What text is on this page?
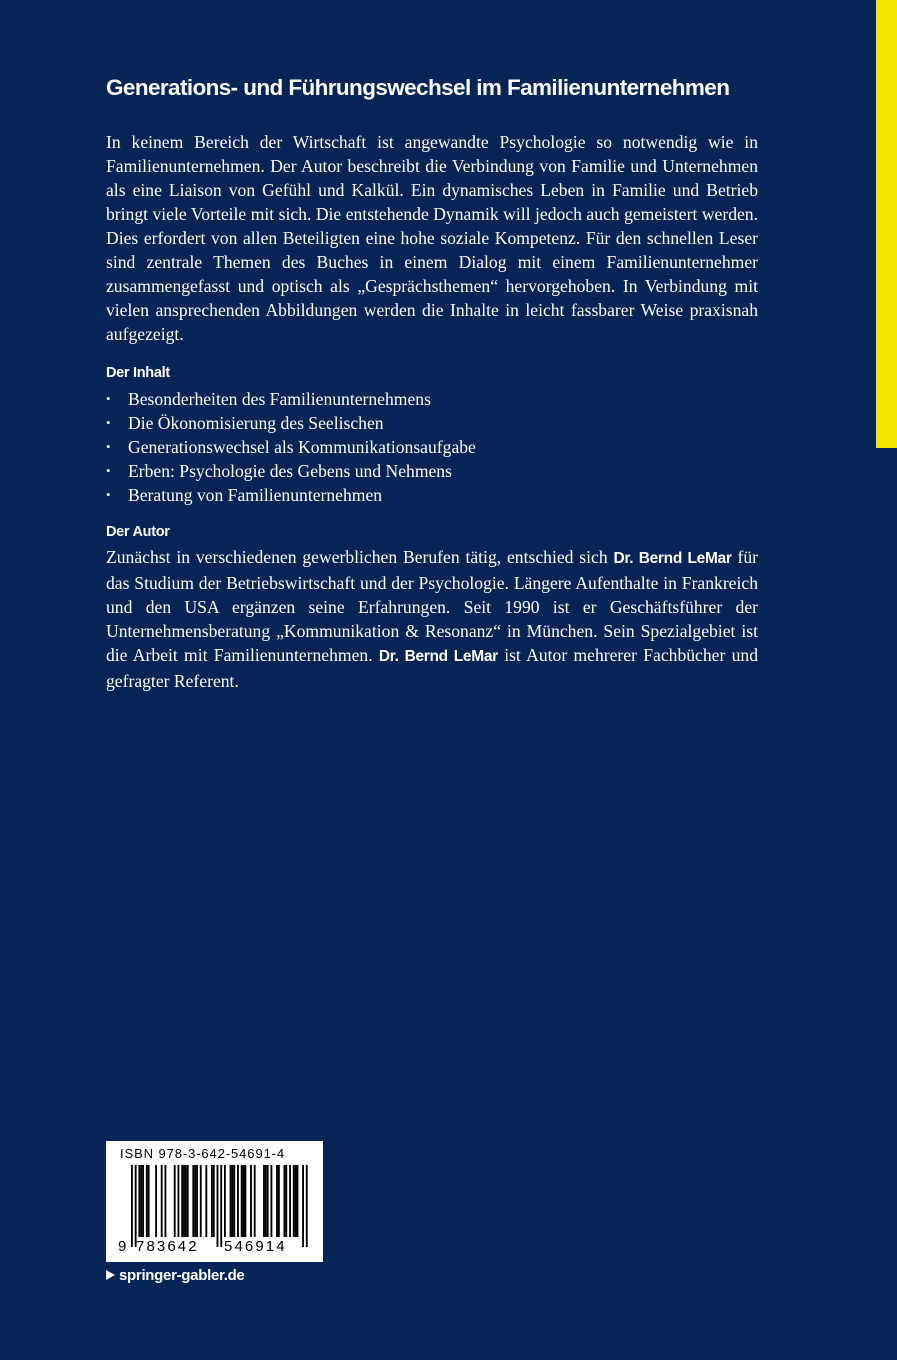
Generations- und Führungswechsel im Familienunternehmen

In keinem Bereich der Wirtschaft ist angewandte Psychologie so notwendig wie in Familienunternehmen. Der Autor beschreibt die Verbindung von Familie und Unternehmen als eine Liaison von Gefühl und Kalkül. Ein dynamisches Leben in Familie und Betrieb bringt viele Vorteile mit sich. Die entstehende Dynamik will jedoch auch gemeistert werden. Dies erfordert von allen Beteiligten eine hohe soziale Kompetenz. Für den schnellen Leser sind zentrale Themen des Buches in einem Dialog mit einem Familienunternehmer zusammengefasst und optisch als „Gesprächsthemen“ hervorgehoben. In Verbindung mit vielen ansprechenden Abbildungen werden die Inhalte in leicht fassbarer Weise praxisnah aufgezeigt.

Der Inhalt
• Besonderheiten des Familienunternehmens
• Die Ökonomisierung des Seelischen
• Generationswechsel als Kommunikationsaufgabe
• Erben: Psychologie des Gebens und Nehmens
• Beratung von Familienunternehmen
Der Autor

Zunächst in verschiedenen gewerblichen Berufen tätig, entschied sich Dr. Bernd LeMar für das Studium der Betriebswirtschaft und der Psychologie. Längere Aufenthalte in Frankreich und den USA ergänzen seine Erfahrungen. Seit 1990 ist er Geschäftsführer der Unternehmensberatung „Kommunikation & Resonanz“ in München. Sein Spezialgebiet ist die Arbeit mit Familienunternehmen. Dr. Bernd LeMar ist Autor mehrerer Fachbücher und gefragter Referent.

ISBN 978-3-642-54691-4
9 783642 546914
springer-gabler.de
